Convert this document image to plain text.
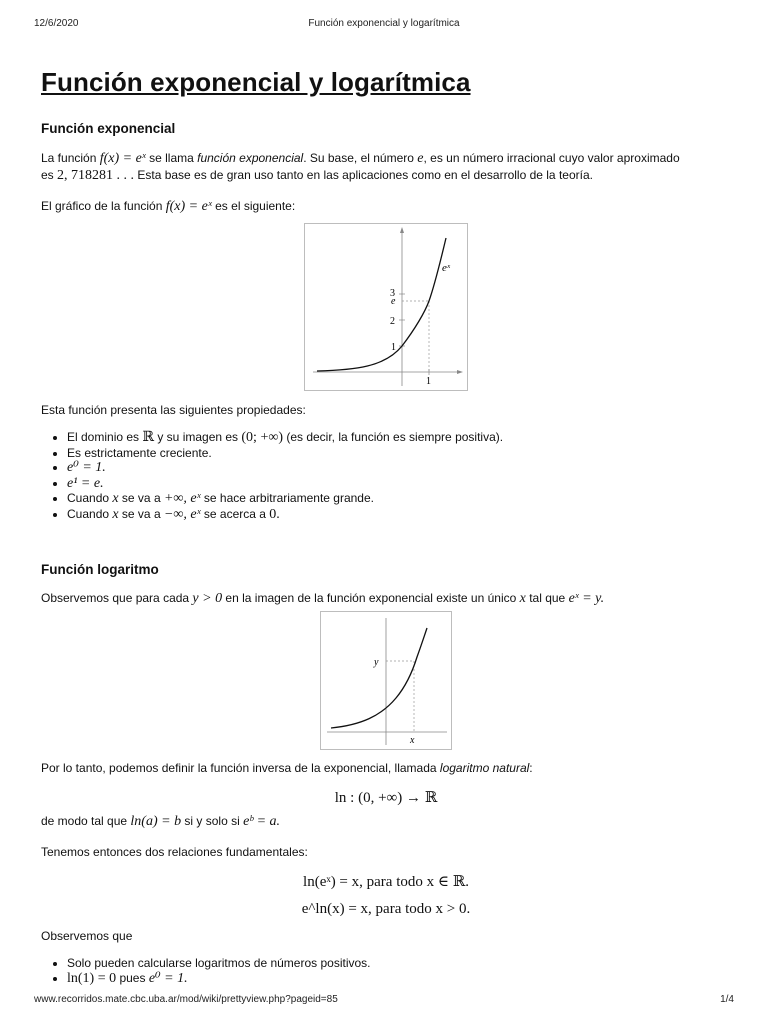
12/6/2020	Función exponencial y logarítmica
Función exponencial y logarítmica
Función exponencial

La función f(x) = eˣ se llama función exponencial. Su base, el número e, es un número irracional cuyo valor aproximado
es 2, 718281 . . . Esta base es de gran uso tanto en las aplicaciones como en el desarrollo de la teoría.

El gráfico de la función f(x) = eˣ es el siguiente:

eˣ
3
e
2
1
1

Esta función presenta las siguientes propiedades:

• El dominio es ℝ y su imagen es (0; +∞) (es decir, la función es siempre positiva).
• Es estrictamente creciente.
• e⁰ = 1.
• e¹ = e.
• Cuando x se va a +∞, eˣ se hace arbitrariamente grande.
• Cuando x se va a −∞, eˣ se acerca a 0.
Función logaritmo

Observemos que para cada y > 0 en la imagen de la función exponencial existe un único x tal que eˣ = y.

y
x

Por lo tanto, podemos definir la función inversa de la exponencial, llamada logaritmo natural:

ln : (0, +∞) → ℝ

de modo tal que ln(a) = b si y solo si eᵇ = a.

Tenemos entonces dos relaciones fundamentales:

ln(eˣ) = x, para todo x ∈ ℝ.
e^ln(x) = x, para todo x > 0.

Observemos que

• Solo pueden calcularse logaritmos de números positivos.
• ln(1) = 0 pues e⁰ = 1.
www.recorridos.mate.cbc.uba.ar/mod/wiki/prettyview.php?pageid=85	1/4
